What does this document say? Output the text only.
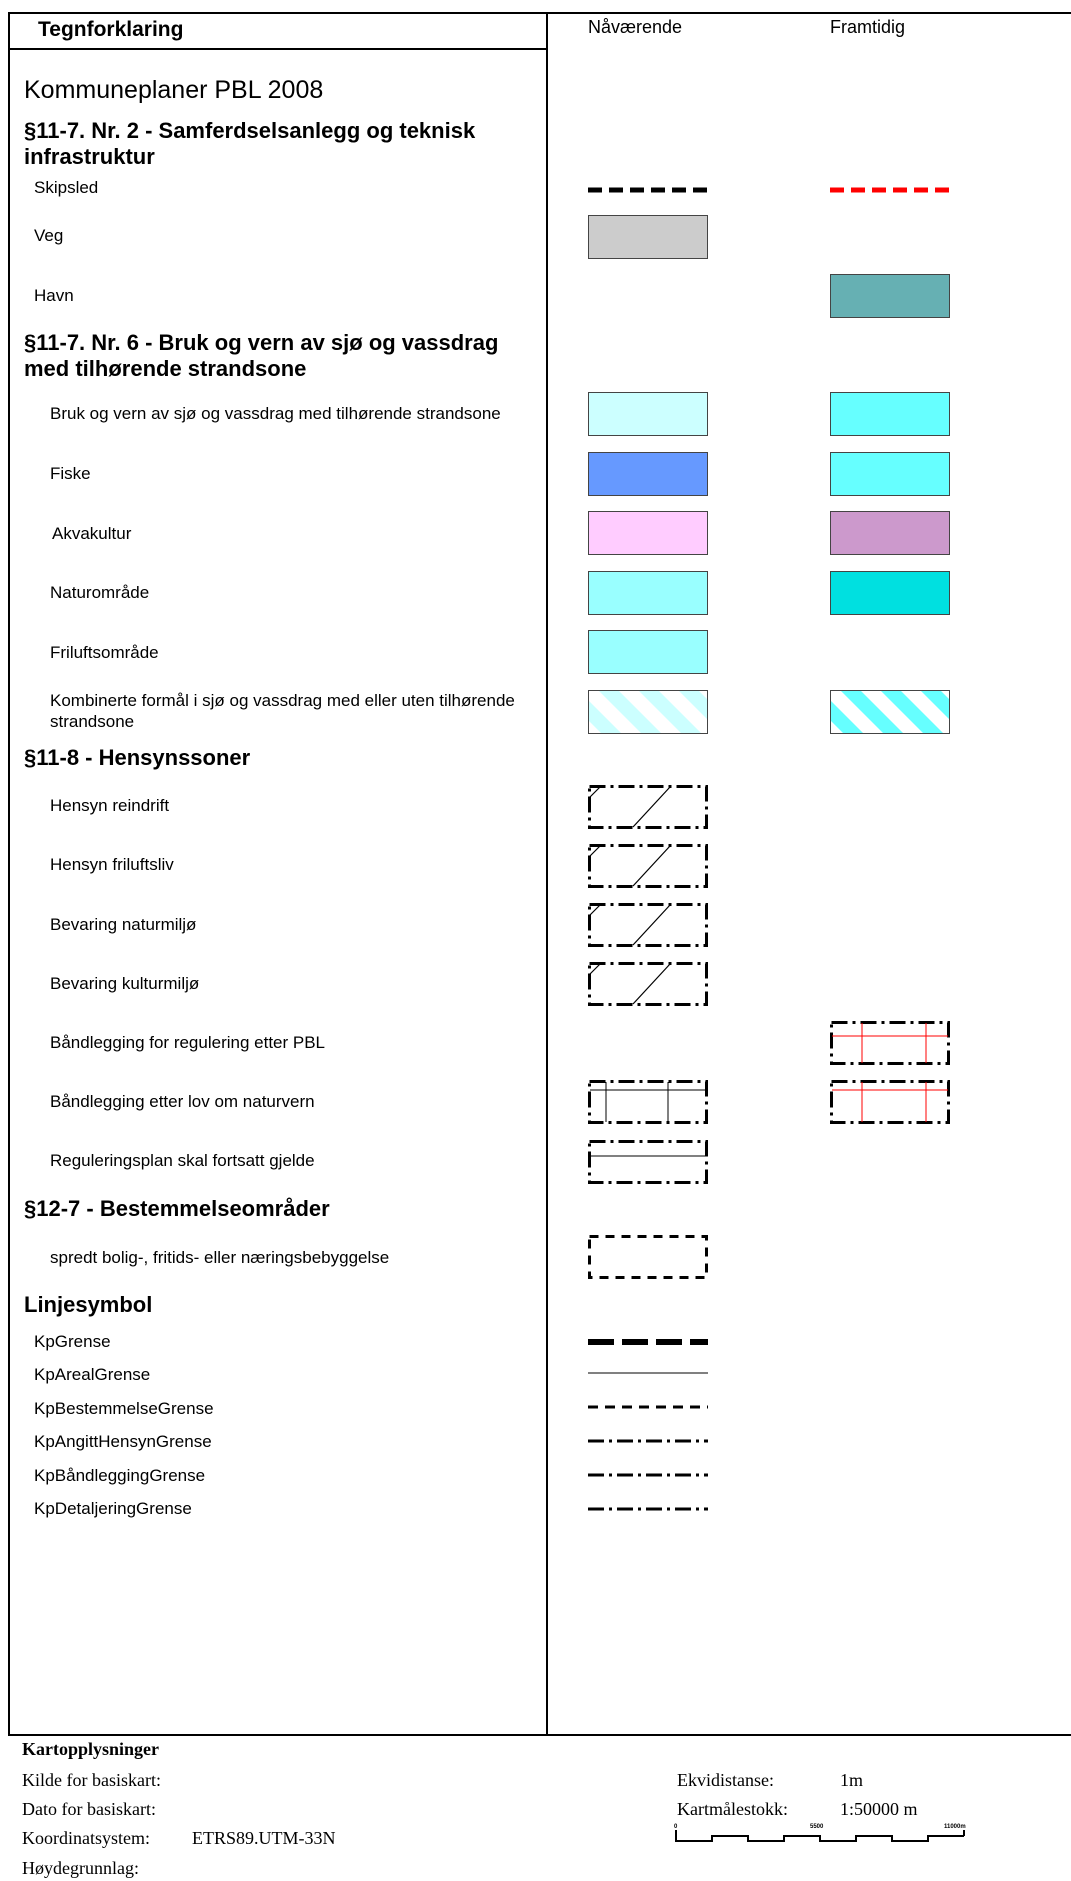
Tegnforklaring	Nåværende	Framtidig
Kommuneplaner PBL 2008
§11-7. Nr. 2 - Samferdselsanlegg og teknisk infrastruktur
§11-7. Nr. 6 - Bruk og vern av sjø og vassdrag med tilhørende strandsone
§11-8 - Hensynssoner
§12-7 - Bestemmelseområder
Linjesymbol
Skipsled
Veg
Havn
Bruk og vern av sjø og vassdrag med tilhørende strandsone
Fiske
Akvakultur
Naturområde
Friluftsområde
Kombinerte formål i sjø og vassdrag med eller uten tilhørende strandsone
Hensyn reindrift
Hensyn friluftsliv
Bevaring naturmiljø
Bevaring kulturmiljø
Båndlegging for regulering etter PBL
Båndlegging etter lov om naturvern
Reguleringsplan skal fortsatt gjelde
spredt bolig-, fritids- eller næringsbebyggelse
KpGrense
KpArealGrense
KpBestemmelseGrense
KpAngittHensynGrense
KpBåndleggingGrense
KpDetaljeringGrense
Kartopplysninger
Kilde for basiskart:
Dato for basiskart:
Koordinatsystem: ETRS89.UTM-33N
Høydegrunnlag:
Ekvidistanse:	1m
Kartmålestokk:	1:50000 m
0	5500	11000m
